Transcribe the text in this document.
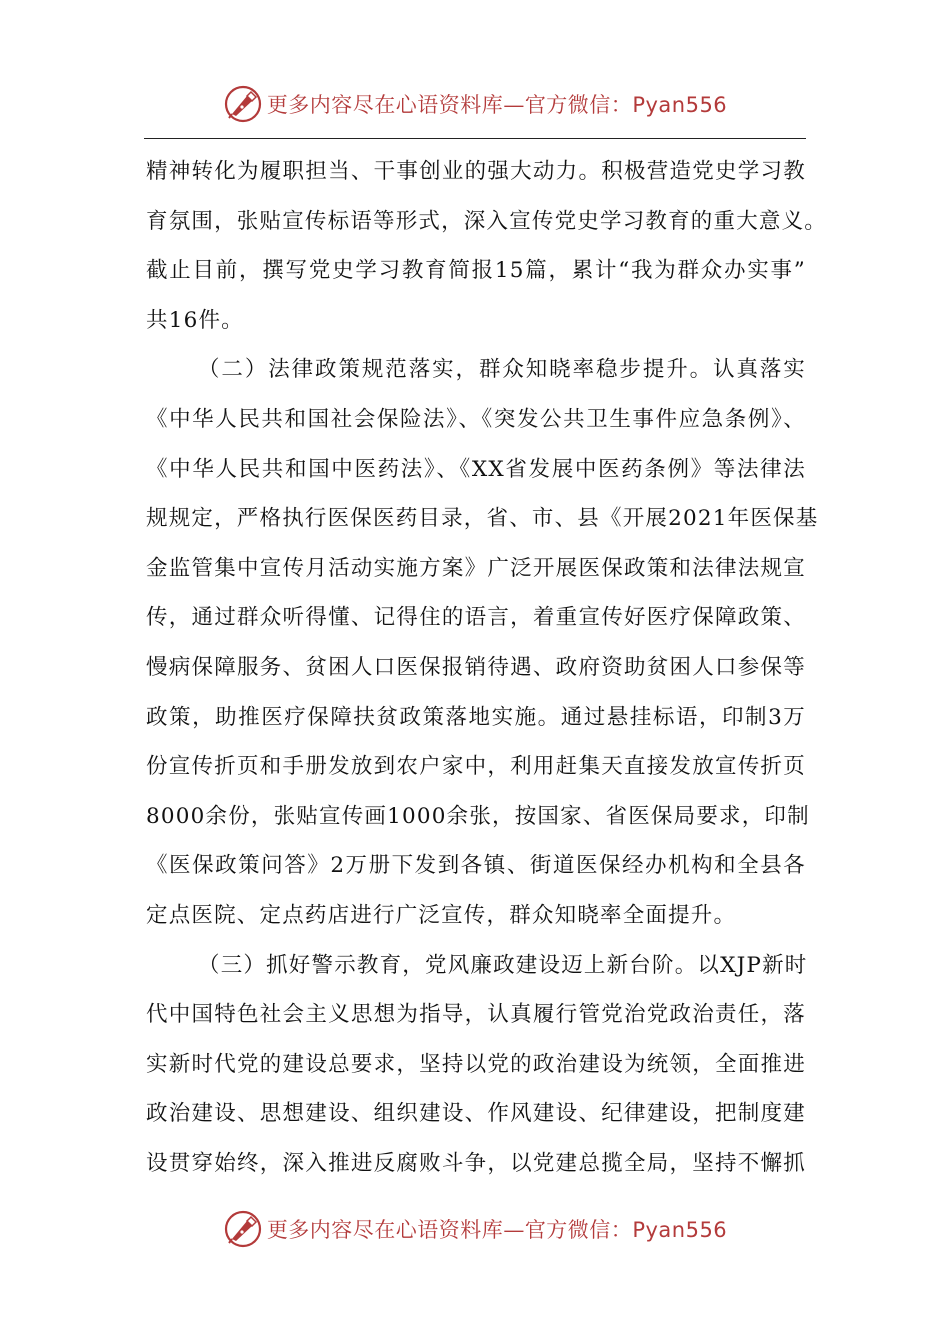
更多内容尽在心语资料库—官方微信：Pyan556
精神转化为履职担当、干事创业的强大动力。积极营造党史学习教
育氛围，张贴宣传标语等形式，深入宣传党史学习教育的重大意义。
截止目前，撰写党史学习教育简报15篇，累计“我为群众办实事”
共16件。
（二）法律政策规范落实，群众知晓率稳步提升。认真落实
《中华人民共和国社会保险法》、《突发公共卫生事件应急条例》、
《中华人民共和国中医药法》、《XX省发展中医药条例》等法律法
规规定，严格执行医保医药目录，省、市、县《开展2021年医保基
金监管集中宣传月活动实施方案》广泛开展医保政策和法律法规宣
传，通过群众听得懂、记得住的语言，着重宣传好医疗保障政策、
慢病保障服务、贫困人口医保报销待遇、政府资助贫困人口参保等
政策，助推医疗保障扶贫政策落地实施。通过悬挂标语，印制3万
份宣传折页和手册发放到农户家中，利用赶集天直接发放宣传折页
8000余份，张贴宣传画1000余张，按国家、省医保局要求，印制
《医保政策问答》2万册下发到各镇、街道医保经办机构和全县各
定点医院、定点药店进行广泛宣传，群众知晓率全面提升。
（三）抓好警示教育，党风廉政建设迈上新台阶。以XJP新时
代中国特色社会主义思想为指导，认真履行管党治党政治责任，落
实新时代党的建设总要求，坚持以党的政治建设为统领，全面推进
政治建设、思想建设、组织建设、作风建设、纪律建设，把制度建
设贯穿始终，深入推进反腐败斗争，以党建总揽全局，坚持不懈抓
更多内容尽在心语资料库—官方微信：Pyan556
